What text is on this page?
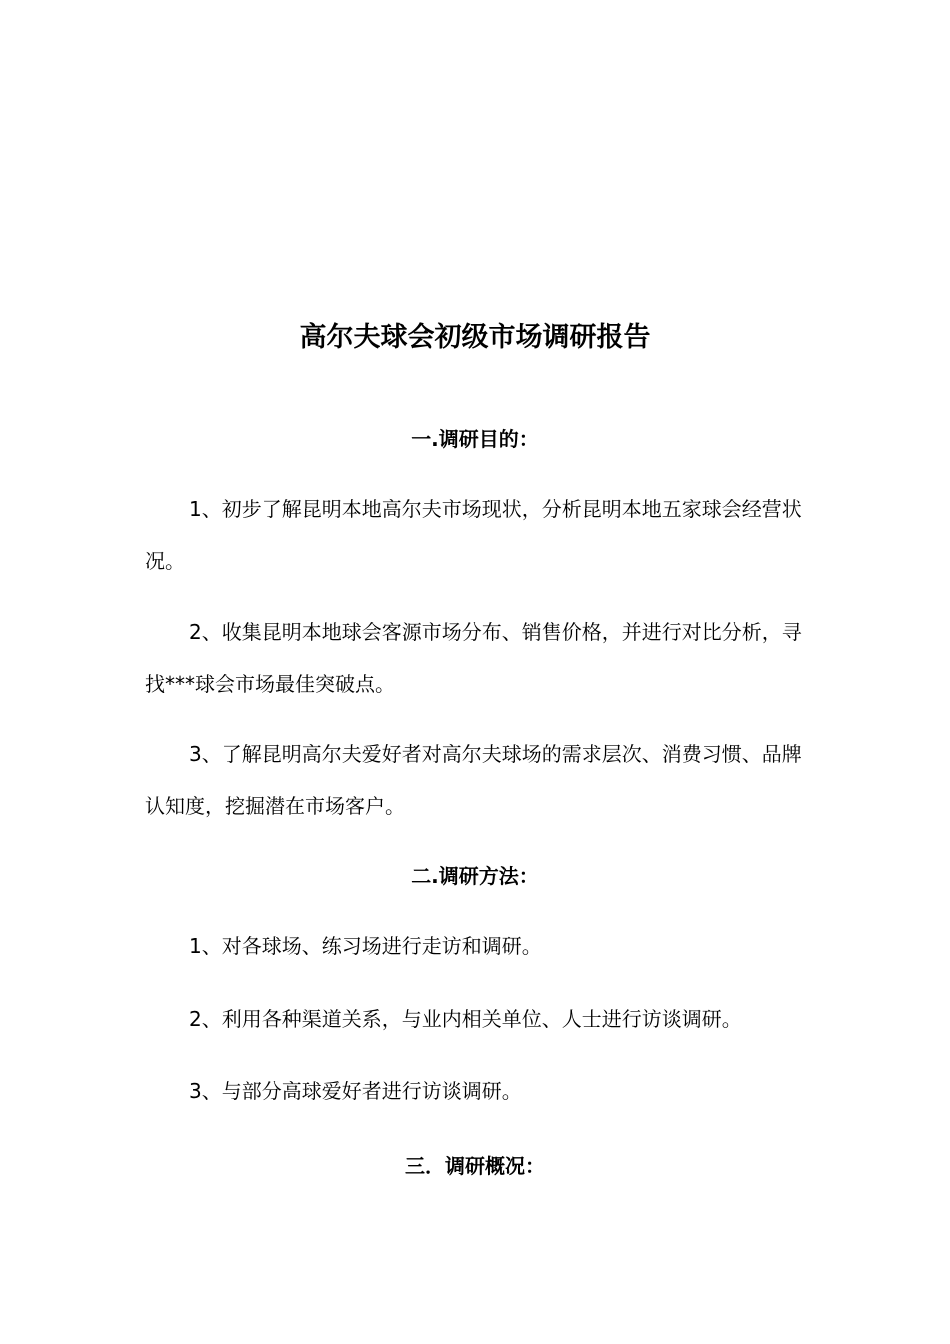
高尔夫球会初级市场调研报告
一.调研目的：

1、初步了解昆明本地高尔夫市场现状，分析昆明本地五家球会经营状况。

2、收集昆明本地球会客源市场分布、销售价格，并进行对比分析，寻找***球会市场最佳突破点。

3、了解昆明高尔夫爱好者对高尔夫球场的需求层次、消费习惯、品牌认知度，挖掘潜在市场客户。

二.调研方法：

1、对各球场、练习场进行走访和调研。

2、利用各种渠道关系，与业内相关单位、人士进行访谈调研。

3、与部分高球爱好者进行访谈调研。

三．调研概况：
